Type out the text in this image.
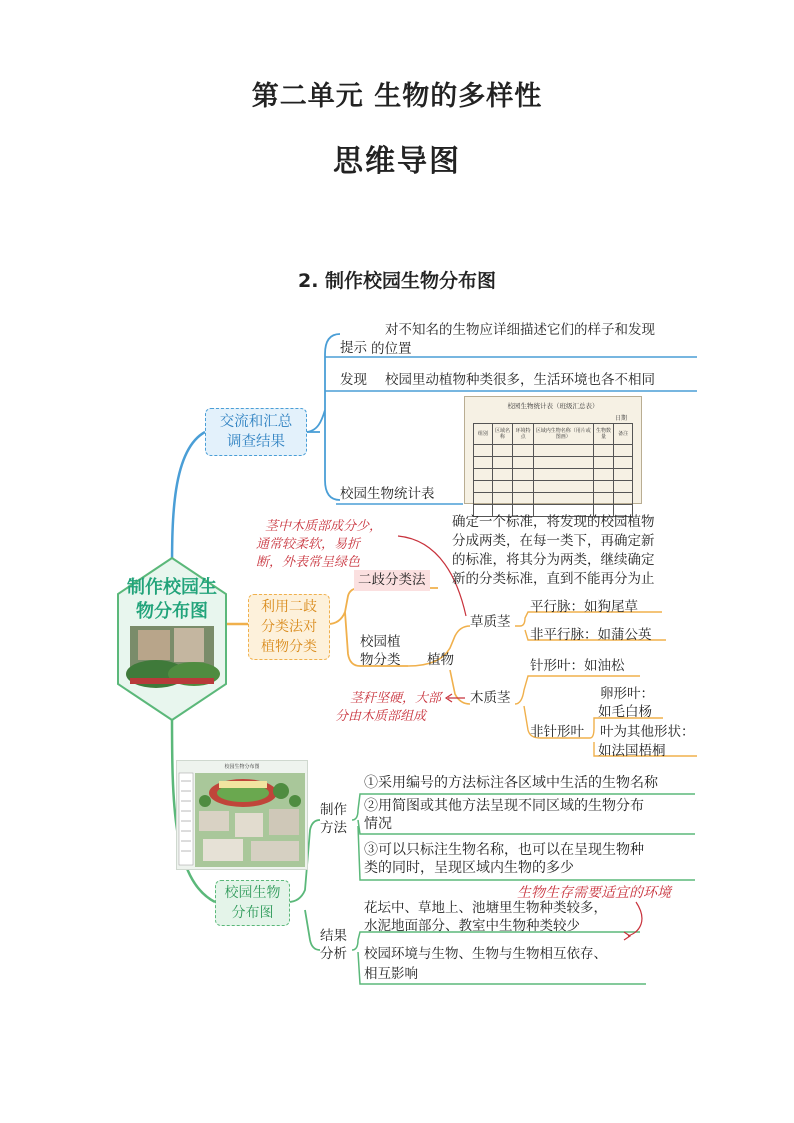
第二单元 生物的多样性
思维导图
2. 制作校园生物分布图
制作校园生
物分布图
交流和汇总
调查结果
提示
对不知名的生物应详细描述它们的样子和发现
的位置
发现 校园里动植物种类很多，生活环境也各不相同
校园生物统计表
校园生物统计表（班级汇总表）
日期
组别	区域名称	环境特点	区域内生物名称（用片或图画）	生物数量	备注

利用二歧
分类法对
植物分类
茎中木质部成分少，
通常较柔软，易折
断，外表常呈绿色
确定一个标准，将发现的校园植物
分成两类，在每一类下，再确定新
的标准，将其分为两类，继续确定
新的分类标准，直到不能再分为止
二歧分类法
校园植
物分类 植物
草质茎
平行脉：如狗尾草
非平行脉：如蒲公英
针形叶：如油松
木质茎
茎秆坚硬，大部
分由木质部组成
非针形叶
卵形叶：
如毛白杨
叶为其他形状：
如法国梧桐
校园生物分布图
校园生物
分布图
制作
方法
①采用编号的方法标注各区域中生活的生物名称
②用简图或其他方法呈现不同区域的生物分布
情况
③可以只标注生物名称，也可以在呈现生物种
类的同时，呈现区域内生物的多少
结果
分析
生物生存需要适宜的环境
花坛中、草地上、池塘里生物种类较多，
水泥地面部分、教室中生物种类较少
校园环境与生物、生物与生物相互依存、
相互影响
